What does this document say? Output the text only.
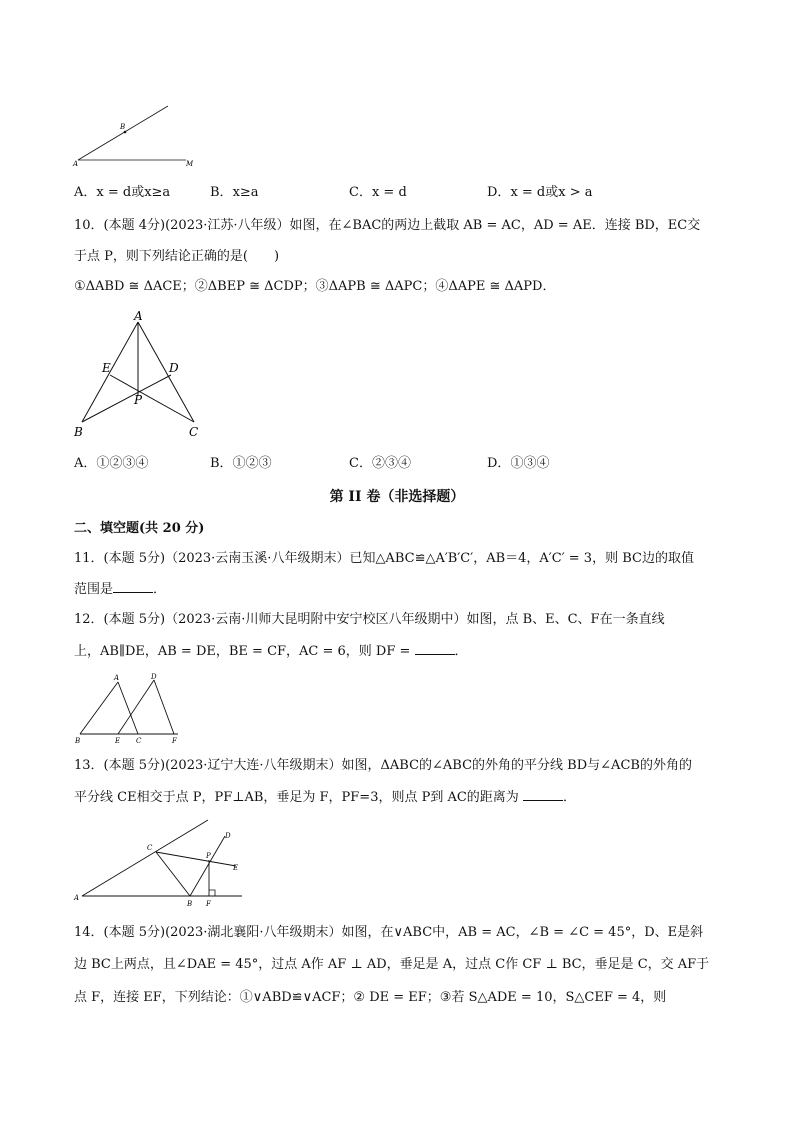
B
A	M
A．x = d或x≥a	B．x≥a	C．x = d	D．x = d或x > a
10．(本题 4分)(2023·江苏·八年级）如图，在∠BAC的两边上截取 AB = AC，AD = AE．连接 BD，EC交
于点 P，则下列结论正确的是(　　)
①ΔABD ≅ ΔACE；②ΔBEP ≅ ΔCDP；③ΔAPB ≅ ΔAPC；④ΔAPE ≅ ΔAPD．
A
E	D
P
B	C
A．①②③④	B．①②③	C．②③④	D．①③④
第 II 卷（非选择题）
二、填空题(共 20 分)
11．(本题 5分)（2023·云南玉溪·八年级期末）已知△ABC≌△A′B′C′，AB＝4，A′C′ = 3，则 BC边的取值
范围是	．
12．(本题 5分)（2023·云南·川师大昆明附中安宁校区八年级期中）如图，点 B、E、C、F在一条直线
上，AB∥DE，AB = DE，BE = CF，AC = 6，则 DF =	．
A	D
B	E C	F
13．(本题 5分)(2023·辽宁大连·八年级期末）如图，ΔABC的∠ABC的外角的平分线 BD与∠ACB的外角的
平分线 CE相交于点 P，PF⊥AB，垂足为 F，PF=3，则点 P到 AC的距离为	．
C
D
P
E
A
B F
14．(本题 5分)(2023·湖北襄阳·八年级期末）如图，在∨ABC中，AB = AC，∠B = ∠C = 45°，D、E是斜
边 BC上两点，且∠DAE = 45°，过点 A作 AF ⊥ AD，垂足是 A，过点 C作 CF ⊥ BC，垂足是 C，交 AF于
点 F，连接 EF，下列结论：①∨ABD≌∨ACF；② DE = EF；③若 S△ADE = 10，S△CEF = 4，则
